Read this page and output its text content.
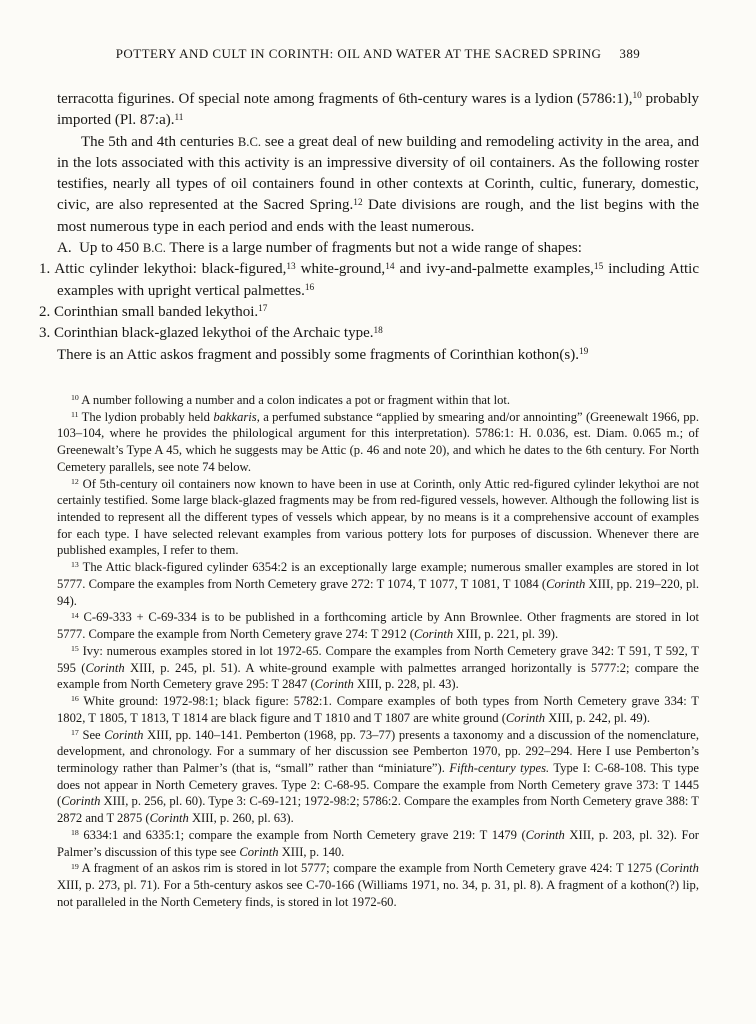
POTTERY AND CULT IN CORINTH: OIL AND WATER AT THE SACRED SPRING 389

terracotta figurines. Of special note among fragments of 6th-century wares is a lydion (5786:1),$^{10}$ probably imported (Pl. 87:a).$^{11}$

The 5th and 4th centuries B.C. see a great deal of new building and remodeling activity in the area, and in the lots associated with this activity is an impressive diversity of oil containers. As the following roster testifies, nearly all types of oil containers found in other contexts at Corinth, cultic, funerary, domestic, civic, are also represented at the Sacred Spring.$^{12}$ Date divisions are rough, and the list begins with the most numerous type in each period and ends with the least numerous.

A.  Up to 450 B.C. There is a large number of fragments but not a wide range of shapes:

1. Attic cylinder lekythoi: black-figured,$^{13}$ white-ground,$^{14}$ and ivy-and-palmette examples,$^{15}$ including Attic examples with upright vertical palmettes.$^{16}$

2. Corinthian small banded lekythoi.$^{17}$

3. Corinthian black-glazed lekythoi of the Archaic type.$^{18}$

There is an Attic askos fragment and possibly some fragments of Corinthian kothon(s).$^{19}$

$^{10}$ A number following a number and a colon indicates a pot or fragment within that lot.

$^{11}$ The lydion probably held bakkaris, a perfumed substance “applied by smearing and/or annointing” (Greenewalt 1966, pp. 103–104, where he provides the philological argument for this interpretation). 5786:1: H. 0.036, est. Diam. 0.065 m.; of Greenewalt’s Type A 45, which he suggests may be Attic (p. 46 and note 20), and which he dates to the 6th century. For North Cemetery parallels, see note 74 below.

$^{12}$ Of 5th-century oil containers now known to have been in use at Corinth, only Attic red-figured cylinder lekythoi are not certainly testified. Some large black-glazed fragments may be from red-figured vessels, however. Although the following list is intended to represent all the different types of vessels which appear, by no means is it a comprehensive account of examples for each type. I have selected relevant examples from various pottery lots for purposes of discussion. Whenever there are published examples, I refer to them.

$^{13}$ The Attic black-figured cylinder 6354:2 is an exceptionally large example; numerous smaller examples are stored in lot 5777. Compare the examples from North Cemetery grave 272: T 1074, T 1077, T 1081, T 1084 (Corinth XIII, pp. 219–220, pl. 94).

$^{14}$ C-69-333 + C-69-334 is to be published in a forthcoming article by Ann Brownlee. Other fragments are stored in lot 5777. Compare the example from North Cemetery grave 274: T 2912 (Corinth XIII, p. 221, pl. 39).

$^{15}$ Ivy: numerous examples stored in lot 1972-65. Compare the examples from North Cemetery grave 342: T 591, T 592, T 595 (Corinth XIII, p. 245, pl. 51). A white-ground example with palmettes arranged horizontally is 5777:2; compare the example from North Cemetery grave 295: T 2847 (Corinth XIII, p. 228, pl. 43).

$^{16}$ White ground: 1972-98:1; black figure: 5782:1. Compare examples of both types from North Cemetery grave 334: T 1802, T 1805, T 1813, T 1814 are black figure and T 1810 and T 1807 are white ground (Corinth XIII, p. 242, pl. 49).

$^{17}$ See Corinth XIII, pp. 140–141. Pemberton (1968, pp. 73–77) presents a taxonomy and a discussion of the nomenclature, development, and chronology. For a summary of her discussion see Pemberton 1970, pp. 292–294. Here I use Pemberton’s terminology rather than Palmer’s (that is, “small” rather than “miniature”). Fifth-century types. Type I: C-68-108. This type does not appear in North Cemetery graves. Type 2: C-68-95. Compare the example from North Cemetery grave 373: T 1445 (Corinth XIII, p. 256, pl. 60). Type 3: C-69-121; 1972-98:2; 5786:2. Compare the examples from North Cemetery grave 388: T 2872 and T 2875 (Corinth XIII, p. 260, pl. 63).

$^{18}$ 6334:1 and 6335:1; compare the example from North Cemetery grave 219: T 1479 (Corinth XIII, p. 203, pl. 32). For Palmer’s discussion of this type see Corinth XIII, p. 140.

$^{19}$ A fragment of an askos rim is stored in lot 5777; compare the example from North Cemetery grave 424: T 1275 (Corinth XIII, p. 273, pl. 71). For a 5th-century askos see C-70-166 (Williams 1971, no. 34, p. 31, pl. 8). A fragment of a kothon(?) lip, not paralleled in the North Cemetery finds, is stored in lot 1972-60.
